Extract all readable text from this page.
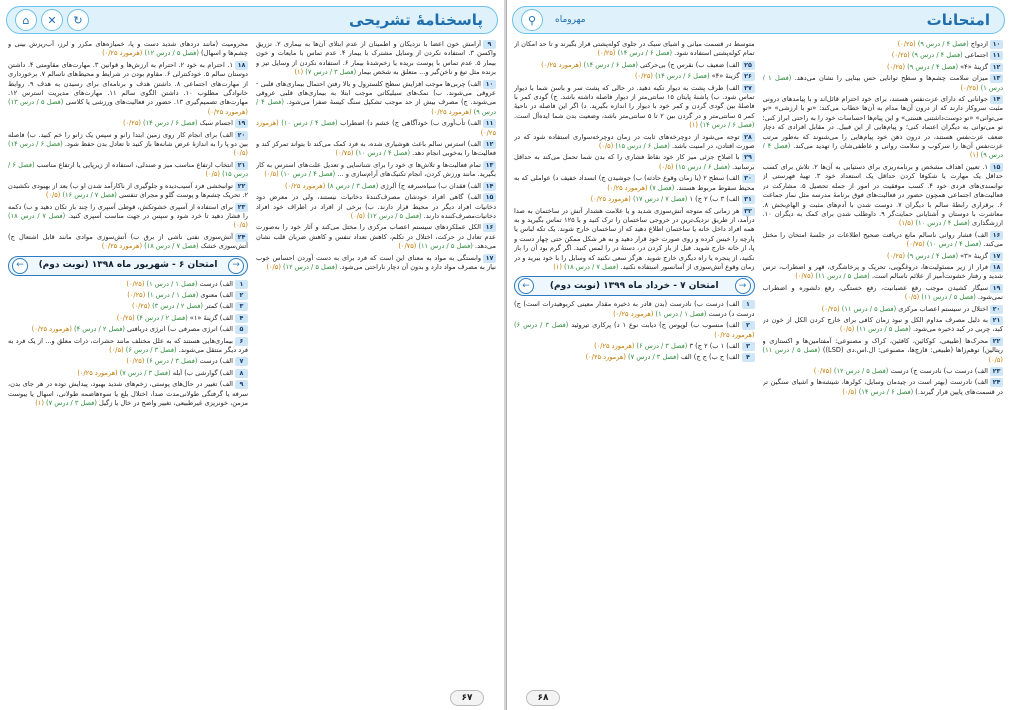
امتحانات
مهروماه
⚲
۱۰ازدواج (فصل ۴ / درس ۹) (۰/۲۵)
۱۱اجتماعی (فصل ۴ / درس ۹) (۰/۲۵)
۱۲گزینهٔ «۴» (فصل ۴ / درس ۹) (۰/۲۵)
۱۳میزان سلامت چشم‌ها و سطح توانایی حس بینایی را نشان می‌دهد. (فصل ۱ / درس ۱) (۰/۲۵)
۱۴جوانانی که دارای عزت‌نفس هستند، برای خود احترام قائل‌اند و با پیامدهای درونی مثبت سروکار دارند که از درون آن‌ها مدام به آن‌ها خطاب می‌کند: «تو با ارزشی» «تو می‌توانی» «تو دوست‌داشتنی هستی» و این پیام‌ها احساسات خود را به راحتی ابراز کنی؛ تو می‌توانی به دیگران اعتماد کنی؛ و پیام‌هایی از این قبیل. در مقابل افرادی که دچار ضعف عزت‌نفس هستند، در درون ذهن خود پیام‌هایی را می‌شنوند که به‌طور مرتب عزت‌نفس آن‌ها را سرکوب و سلامت روانی و عاطفی‌شان را تهدید می‌کند. (فصل ۴ / درس ۹) (۱)
۱۵۱. تعیین اهداف مشخص و برنامه‌ریزی برای دستیابی به آن‌ها ۲. تلاش برای کسب حداقل یک مهارت یا شکوفا کردن حداقل یک استعداد خود ۳. تهیهٔ فهرستی از توانمندی‌های فردی خود ۴. کسب موفقیت در امور از جمله تحصیل ۵. مشارکت در فعالیت‌های اجتماعی همچون حضور در فعالیت‌های فوق برنامهٔ مدرسه مثل نماز جماعت ۶. برقراری رابطهٔ سالم با دیگران ۷. دوست شدن با آدم‌های مثبت و الهام‌بخش ۸. معاشرت با دوستان و آشنایانی حمایت‌گر ۹. داوطلب شدن برای کمک به دیگران ۱۰. ارزشگذاری (فصل ۴ / درس ۱۰) (۱/۵)
۱۶الف) فشار روانی ناسالم مانع دریافت صحیح اطلاعات در جلسهٔ امتحان را مختل می‌کند. (فصل ۴ / درس ۱۰) (۰/۷۵)
۱۷گزینهٔ «۳» (فصل ۴ / درس ۹) (۰/۲۵)
۱۸فرار از زیر مسئولیت‌ها، دروغگویی، تحریک و پرخاشگری، قهر و اضطراب، ترس شدید و رفتار خشونت‌آمیز از علائم ناسالم است. (فصل ۵ / درس ۱۱) (۰/۷۵)
۱۹سیگار کشیدن موجب رفع عصبانیت، رفع خستگی، رفع دلشوره و اضطراب نمی‌شود. (فصل ۵ / درس ۱۱) (۰/۵)
۲۰اختلال در سیستم اعصاب مرکزی (فصل ۵ / درس ۱۱) (۰/۲۵)
۲۱به دلیل مصرف مداوم الکل و نبود زمان کافی برای خارج کردن الکل از خون در کبد، چربی در کبد ذخیره می‌شود. (فصل ۵ / درس ۱۱) (۰/۵)
۲۲محرک‌ها (طبیعی، کوکائین، کافئین، کراک و مصنوعی: آمفتامین‌ها و اکستازی و ریتالین) توهم‌زاها (طبیعی: قارچ‌ها، مصنوعی: ال.اس.دی (LSD)) (فصل ۵ / درس ۱۱) (۰/۵)
۲۳الف) درست ب) نادرست ج) درست (فصل ۵ / درس ۱۲) (۰/۷۵)
۲۴الف) نادرست (بهتر است در چیدمان وسایل، کولرها، شیشه‌ها و اشیای سنگین تر در قسمت‌های پایین قرار گیرند.) (فصل ۶ / درس ۱۴) (۰/۵)
متوسط در قسمت میانی و اشیای سبک در جلوی کوله‌پشتی قرار بگیرند و تا حد امکان از تمام کوله‌پشتی استفاده شود. (فصل ۶ / درس ۱۴) (۰/۲۵)
۲۵الف) ضعیف ب) نقرس ج) بی‌حرکتی (فصل ۶ / درس ۱۴) (هرمورد ۰/۲۵)
۲۶گزینهٔ «۴» (فصل ۶ / درس ۱۴) (۰/۲۵)
۲۷الف) طرف پشت به دیوار تکیه دهید. در حالی که پشت سر و باسن شما با دیوار تماس شود. ب) پاشنهٔ پایتان ۱۵ سانتی‌متر از دیوار فاصله داشته باشد. ج) گودی کمر با فاصلهٔ بین گودی گردن و کمر خود با دیوار را اندازه بگیرید. د) اگر این فاصله در ناحیهٔ کمر ۵ سانتی‌متر و در گردن بین ۲ تا ۵ سانتی‌متر باشد، وضعیت بدن شما ایده‌آل است. (فصل ۶ / درس ۱۴) (۱)
۲۸توجه می‌شود از دوچرخه‌های ثابت در زمان دوچرخه‌سواری استفاده شود که در صورت افتادن، در امنیت باشد. (فصل ۶ / درس ۱۵) (۰/۵)
۲۹با اصلاح جزئی میز کار خود نقاط فشاری را که بدن شما تحمل می‌کند به حداقل برسانید. (فصل ۶ / درس ۱۵) (۰/۵)
۳۰الف) سطح ۲ (یا زمان وقوع حادثه) ب) جوشیدن ج) انسداد خفیف د) عواملی که به محیط سقوط مربوط هستند. (فصل ۷) (هرمورد ۰/۲۵)
۳۱الف) ۳ ب) ۲ ج) ۱ (فصل ۷ / درس ۱۷) (هرمورد ۰/۲۵)
۳۲هر زمانی که متوجه آتش‌سوزی شدید و یا علامت هشدار آتش در ساختمان به صدا درآمد، از طریق نزدیک‌ترین در خروجی ساختمان را ترک کنید و با ۱۲۵ تماس بگیرید و به همه افراد داخل خانه یا ساختمان اطلاع دهید که از ساختمان خارج شوند. یک تکه لباس یا پارچه را خیس کرده و روی صورت خود قرار دهید و به هر شکل ممکن حتی چهار دست و پا، از خانه خارج شوید. قبل از باز کردن در، دستهٔ در را لمس کنید. اگر گرم بود آن را باز نکنید، از پنجره یا راه دیگری خارج شوید. هرگز سعی نکنید که وسایل را با خود ببرید و در زمان وقوع آتش‌سوزی از آسانسور استفاده نکنید. (فصل ۷ / درس ۱۸) (۱)
→
امتحان ۷ - خرداد ماه ۱۳۹۹ (نوبت دوم)
←
۱الف) درست ب) نادرست (بدن قادر به ذخیره مقدار معینی کربوهیدرات است) ج) درست د) درست (فصل ۱ / درس ۱) (هرمورد ۰/۲۵)
۲الف) منسوب ب) لوپوس ج) دیابت نوع ۱ د) پرکاری تیروئید (فصل ۳ / درس ۶) (هرمورد ۰/۲۵)
۳الف) ۱ ب) ۲ ج) ۳ (فصل ۳ / درس ۶) (هرمورد ۰/۲۵)
۴الف) ح ب) ج ج) الف (فصل ۳ / درس ۷) (هرمورد ۰/۲۵)
۶۸
پاسخنامهٔ تشریحی
⌂	✕	↻
۹آرامش خون اعضا با نزدیکان و اطمینان از عدم ابتلای آن‌ها به بیماری ۲. تزریق واکسن ۳. استفاده نکردن از وسایل مشترک با بیمار ۴. عدم تماس با مایعات و خون بیمار ۵. عدم تماس با پوست بریده یا زخم‌شدهٔ بیمار ۶. استفاده نکردن از وسایل تیز و برنده مثل تیغ و ناخن‌گیر و... متعلق به شخص بیمار (فصل ۳ / درس ۷) (۱)
۱۰الف) چربی‌ها موجب افزایش سطح کلسترول و بالا رفتن احتمال بیماری‌های قلبی - عروقی می‌شوند. ب) نمک‌های سیلیکاتی موجب ابتلا به بیماری‌های قلبی عروقی می‌شوند. ج) مصرف بیش از حد موجب تشکیل سنگ کیسهٔ صفرا می‌شود. (فصل ۴ / درس ۹) (هرمورد ۰/۲۵)
۱۱الف) تأب‌آوری ب) خودآگاهی ج) خشم د) اضطراب (فصل ۴ / درس ۱۰) (هرمورد ۰/۲۵)
۱۲الف) استرس سالم باعث هوشیاری شده، به فرد کمک می‌کند تا بتواند تمرکز کند و فعالیت‌ها را به‌خوبی انجام دهد. (فصل ۴ / درس ۱۰) (۰/۷۵)
۱۳تمام فعالیت‌ها و تلاش‌ها ی خود را برای شناسایی و تعدیل علت‌های استرس به کار بگیرید. مانند ورزش کردن، انجام تکنیک‌های آرام‌سازی و ... (فصل ۴ / درس ۱۰) (۰/۵)
۱۴الف) فقدان ب) سیاه‌سرفه ج) آلرژی (فصل ۳ / درس ۸) (هرمورد ۰/۲۵)
۱۵الف) گاهی افراد خودشان مصرف‌کنندهٔ دخانیات نیستند، ولی در معرض دود دخانیات افراد دیگر در محیط قرار دارند. ب) برخی از افراد در اطراف خود افراد دخانیات‌مصرف‌کننده دارند. (فصل ۵ / درس ۱۲) (۰/۵)
۱۶الکل عملکردهای سیستم اعصاب مرکزی را مختل می‌کند و آثار خود را به‌صورت عدم تعادل در حرکت، اختلال در تکلم، کاهش تعداد تنفس و کاهش ضربان قلب نشان می‌دهد. (فصل ۵ / درس ۱۱) (۰/۷۵)
۱۷وابستگی به مواد به معنای این است که فرد برای به دست آوردن احساس خوب نیاز به مصرف مواد دارد و بدون آن دچار ناراحتی می‌شود. (فصل ۵ / درس ۱۲) (۰/۵)
محرومیت (مانند دردهای شدید دست و پا، خمیازه‌های مکرر و لرز، آب‌ریزش بینی و چشم‌ها و اسهال) (فصل ۵ / درس ۱۲) (هرمورد ۰/۲۵)
۱۸۱. احترام به خود ۲. احترام به ارزش‌ها و قوانین ۳. مهارت‌های مقاومتی ۴. داشتن دوستان سالم ۵. خودکنترلی ۶. مقاوم بودن در شرایط و محیط‌های ناسالم ۷. برخورداری از مهارت‌های اجتماعی ۸. داشتن هدف و برنامه‌ای برای رسیدن به هدف ۹. روابط خانوادگی مطلوب ۱۰. داشتن الگوی سالم ۱۱. مهارت‌های مدیریت استرس ۱۲. مهارت‌های تصمیم‌گیری ۱۳. حضور در فعالیت‌های ورزشی یا کلاسی (فصل ۵ / درس ۱۳) (هرمورد ۰/۲۵)
۱۹اجسام سبک (فصل ۶ / درس ۱۴) (۰/۲۵)
۲۰الف) برای انجام کار روی زمین ابتدا زانو و سپس یک زانو را خم کنید. ب) فاصله بین دو پا را به اندازهٔ عرض شانه‌ها باز کنید تا تعادل بدن حفظ شود. (فصل ۶ / درس ۱۴) (۰/۵)
۲۱انتخاب ارتفاع مناسب میز و صندلی، استفاده از زیرپایی یا ارتفاع مناسب (فصل ۶ / درس ۱۵) (۰/۵)
۲۲توانبخشی فرد آسیب‌دیده و جلوگیری از ناکارآمد شدن او ب) بعد از بهبودی نکشیدن ۲. تحریک چشم‌ها و پوست گلو و مجرای تنفسی (فصل ۷ / درس ۱۶) (۰/۵)
۲۳برای استفاده از آسپری خشوتکش، قوطی آسپری را چند بار تکان دهید و ب) دکمه را فشار دهید تا خرد شود و سپس در جهت مناسب آسپری کنید. (فصل ۷ / درس ۱۸) (۰/۵)
۲۴آتش‌سوزی نفتی ناشی از برق ب) آتش‌سوزی موادی مانند قابل اشتعال ج) آتش‌سوزی خشک (فصل ۷ / درس ۱۸) (هرمورد ۰/۲۵)
→
امتحان ۶ - شهریور ماه ۱۳۹۸ (نوبت دوم)
←
۱الف) درست (فصل ۱ / درس ۱) (۰/۲۵)
۲الف) معنوی (فصل ۱ / درس ۱) (۰/۲۵)
۳الف) کمتر (فصل ۲ / درس ۳) (۰/۲۵)
۴الف) گزینهٔ «۱» (فصل ۲ / درس ۴) (۰/۲۵)
۵الف) انرژی مصرفی ب) انرژی دریافتی (فصل ۲ / درس ۴) (هرمورد ۰/۲۵)
۶بیماری‌هایی هستند که به علل مختلف مانند حشرات، ذرات معلق و... از یک فرد به فرد دیگر منتقل می‌شوند. (فصل ۳ / درس ۶) (۰/۵)
۷الف) درست (فصل ۳ / درس ۶) (۰/۲۵)
۸الف) گوارشی ب) آبله (فصل ۳ / درس ۷) (هرمورد ۰/۲۵)
۹الف) تغییر در حال‌های پوستی، زخم‌های شدید بهبود، پیدایش توده در هر جای بدن، سرفه یا گرفتگی طولانی‌مدت صدا، اختلال بلع یا سوءهاضمه طولانی، اسهال یا یبوست مزمن، خونریزی غیرطبیعی، تغییر واضح در خال یا زگیل (فصل ۳ / درس ۷) (۱)
۶۷
